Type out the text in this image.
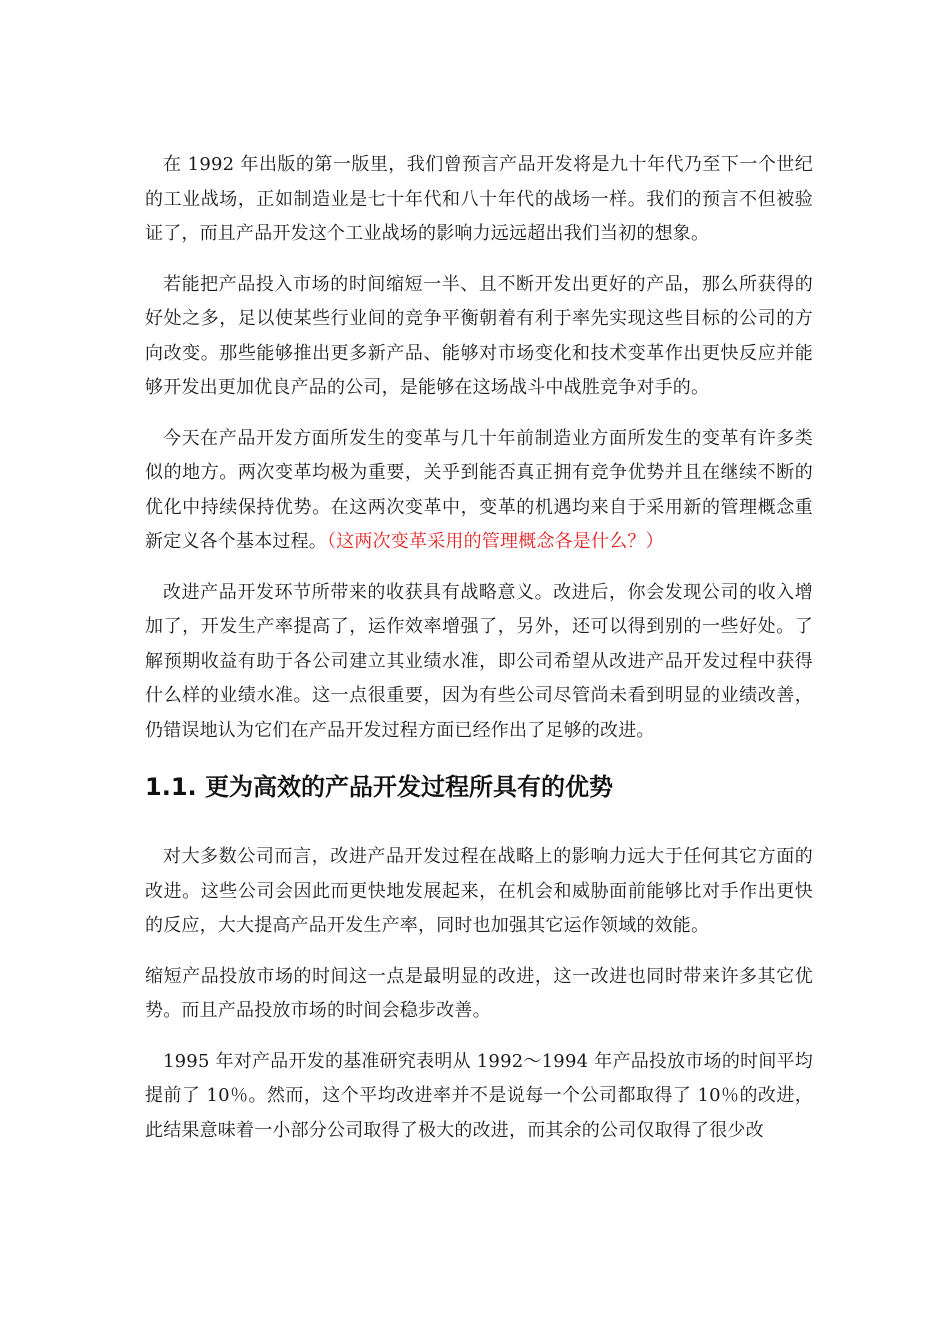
在 1992 年出版的第一版里，我们曾预言产品开发将是九十年代乃至下一个世纪的工业战场，正如制造业是七十年代和八十年代的战场一样。我们的预言不但被验证了，而且产品开发这个工业战场的影响力远远超出我们当初的想象。

若能把产品投入市场的时间缩短一半、且不断开发出更好的产品，那么所获得的好处之多，足以使某些行业间的竞争平衡朝着有利于率先实现这些目标的公司的方向改变。那些能够推出更多新产品、能够对市场变化和技术变革作出更快反应并能够开发出更加优良产品的公司，是能够在这场战斗中战胜竞争对手的。

今天在产品开发方面所发生的变革与几十年前制造业方面所发生的变革有许多类似的地方。两次变革均极为重要，关乎到能否真正拥有竞争优势并且在继续不断的优化中持续保持优势。在这两次变革中，变革的机遇均来自于采用新的管理概念重新定义各个基本过程。（这两次变革采用的管理概念各是什么？）

改进产品开发环节所带来的收获具有战略意义。改进后，你会发现公司的收入增加了，开发生产率提高了，运作效率增强了，另外，还可以得到别的一些好处。了解预期收益有助于各公司建立其业绩水准，即公司希望从改进产品开发过程中获得什么样的业绩水准。这一点很重要，因为有些公司尽管尚未看到明显的业绩改善，仍错误地认为它们在产品开发过程方面已经作出了足够的改进。

1.1. 更为高效的产品开发过程所具有的优势

对大多数公司而言，改进产品开发过程在战略上的影响力远大于任何其它方面的改进。这些公司会因此而更快地发展起来，在机会和威胁面前能够比对手作出更快的反应，大大提高产品开发生产率，同时也加强其它运作领域的效能。

缩短产品投放市场的时间这一点是最明显的改进，这一改进也同时带来许多其它优势。而且产品投放市场的时间会稳步改善。

1995 年对产品开发的基准研究表明从 1992～1994 年产品投放市场的时间平均提前了 10％。然而，这个平均改进率并不是说每一个公司都取得了 10％的改进，此结果意味着一小部分公司取得了极大的改进，而其余的公司仅取得了很少改
